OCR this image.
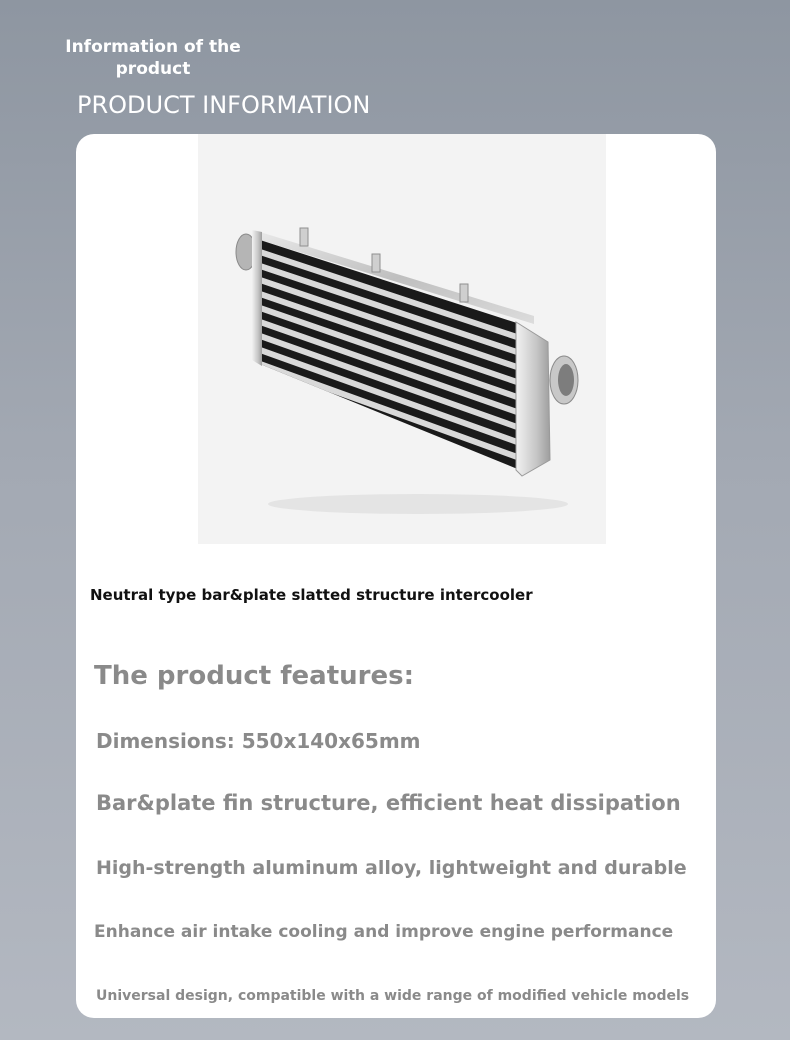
Information of the product
PRODUCT INFORMATION
Neutral type bar&plate slatted structure intercooler
The product features:
Dimensions: 550x140x65mm
Bar&plate fin structure, efficient heat dissipation
High-strength aluminum alloy, lightweight and durable
Enhance air intake cooling and improve engine performance
Universal design, compatible with a wide range of modified vehicle models
